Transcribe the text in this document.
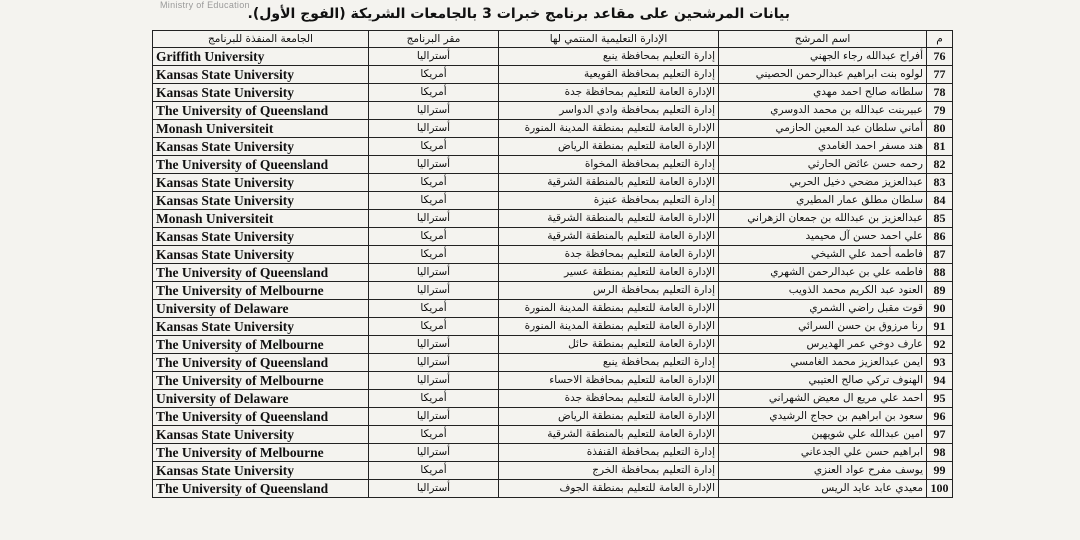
Ministry of Education
بيانات المرشحين على مقاعد برنامج خبرات 3 بالجامعات الشريكة (الفوج الأول).
الجامعة المنفذة للبرنامج	مقر البرنامج	الإدارة التعليمية المنتمي لها	اسم المرشح	م
Griffith University	أستراليا	إدارة التعليم بمحافظة ينبع	أفراح عبدالله رجاء الجهني	76
Kansas State University	أمريكا	إدارة التعليم بمحافظة القويعية	لولوه بنت ابراهيم عبدالرحمن الحصيني	77
Kansas State University	أمريكا	الإدارة العامة للتعليم بمحافظة جدة	سلطانه صالح احمد مهدي	78
The University of Queensland	أستراليا	إدارة التعليم بمحافظة وادي الدواسر	عبيربنت عبدالله بن محمد الدوسري	79
Monash Universiteit	أستراليا	الإدارة العامة للتعليم بمنطقة المدينة المنورة	أماني سلطان عبد المعين الحازمي	80
Kansas State University	أمريكا	الإدارة العامة للتعليم بمنطقة الرياض	هند مسفر احمد الغامدي	81
The University of Queensland	أستراليا	إدارة التعليم بمحافظة المخواة	رحمه حسن عائض الحارثي	82
Kansas State University	أمريكا	الإدارة العامة للتعليم بالمنطقة الشرقية	عبدالعزيز مضحي دخيل الحربي	83
Kansas State University	أمريكا	إدارة التعليم بمحافظة عنيزة	سلطان مطلق عمار المطيري	84
Monash Universiteit	أستراليا	الإدارة العامة للتعليم بالمنطقة الشرقية	عبدالعزيز بن عبدالله بن جمعان الزهراني	85
Kansas State University	أمريكا	الإدارة العامة للتعليم بالمنطقة الشرقية	علي احمد حسن آل محيميد	86
Kansas State University	أمريكا	الإدارة العامة للتعليم بمحافظة جدة	فاطمه أحمد علي الشيخي	87
The University of Queensland	أستراليا	الإدارة العامة للتعليم بمنطقة عسير	فاطمه علي بن عبدالرحمن الشهري	88
The University of Melbourne	أستراليا	إدارة التعليم بمحافظة الرس	العنود عبد الكريم محمد الذويب	89
University of Delaware	أمريكا	الإدارة العامة للتعليم بمنطقة المدينة المنورة	قوت مقبل راضي الشمري	90
Kansas State University	أمريكا	الإدارة العامة للتعليم بمنطقة المدينة المنورة	رنا مرزوق بن حسن السرائي	91
The University of Melbourne	أستراليا	الإدارة العامة للتعليم بمنطقة حائل	عارف دوخي عمر الهديرس	92
The University of Queensland	أستراليا	إدارة التعليم بمحافظة ينبع	ايمن عبدالعزيز محمد الغامسي	93
The University of Melbourne	أستراليا	الإدارة العامة للتعليم بمحافظة الاحساء	الهنوف تركي صالح العتيبي	94
University of Delaware	أمريكا	الإدارة العامة للتعليم بمحافظة جدة	احمد علي مريع ال معيض الشهراني	95
The University of Queensland	أستراليا	الإدارة العامة للتعليم بمنطقة الرياض	سعود بن ابراهيم بن حجاج الرشيدي	96
Kansas State University	أمريكا	الإدارة العامة للتعليم بالمنطقة الشرقية	امين عبدالله علي شويهين	97
The University of Melbourne	أستراليا	إدارة التعليم بمحافظة القنفذة	ابراهيم حسن علي الجدعاني	98
Kansas State University	أمريكا	إدارة التعليم بمحافظة الخرج	يوسف مفرح عواد العنزي	99
The University of Queensland	أستراليا	الإدارة العامة للتعليم بمنطقة الجوف	معيدي عابد عايد الريس	100
